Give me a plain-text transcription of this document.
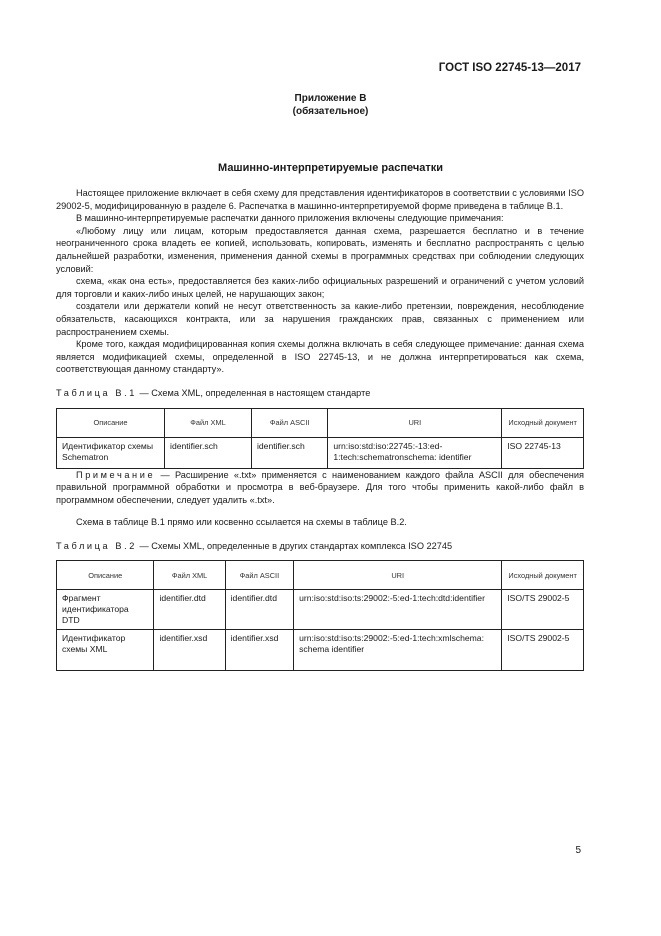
ГОСТ ISO 22745-13—2017
Приложение В
(обязательное)
Машинно-интерпретируемые распечатки

Настоящее приложение включает в себя схему для представления идентификаторов в соответствии с условиями ISO 29002-5, модифицированную в разделе 6. Распечатка в машинно-интерпретируемой форме приведена в таблице В.1.

В машинно-интерпретируемые распечатки данного приложения включены следующие примечания:

«Любому лицу или лицам, которым предоставляется данная схема, разрешается бесплатно и в течение неограниченного срока владеть ее копией, использовать, копировать, изменять и бесплатно распространять с целью дальнейшей разработки, изменения, применения данной схемы в программных средствах при соблюдении следующих условий:

схема, «как она есть», предоставляется без каких-либо официальных разрешений и ограничений с учетом условий для торговли и каких-либо иных целей, не нарушающих закон;

создатели или держатели копий не несут ответственность за какие-либо претензии, повреждения, несоблюдение обязательств, касающихся контракта, или за нарушения гражданских прав, связанных с применением или распространением схемы.

Кроме того, каждая модифицированная копия схемы должна включать в себя следующее примечание: данная схема является модификацией схемы, определенной в ISO 22745-13, и не должна интерпретироваться как схема, соответствующая данному стандарту».

Таблица В.1 — Схема XML, определенная в настоящем стандарте
Описание	Файл XML	Файл ASCII	URI	Исходный документ
Идентификатор схемы Schematron	identifier.sch	identifier.sch	urn:iso:std:iso:22745:-13:ed-1:tech:schematronschema: identifier	ISO 22745-13

Примечание — Расширение «.txt» применяется с наименованием каждого файла ASCII для обеспечения правильной программной обработки и просмотра в веб-браузере. Для того чтобы применить какой-либо файл в программном обеспечении, следует удалить «.txt».

Схема в таблице В.1 прямо или косвенно ссылается на схемы в таблице В.2.

Таблица В.2 — Схемы XML, определенные в других стандартах комплекса ISO 22745
Описание	Файл XML	Файл ASCII	URI	Исходный документ
Фрагмент идентификатора DTD	identifier.dtd	identifier.dtd	urn:iso:std:iso:ts:29002:-5:ed-1:tech:dtd:identifier	ISO/TS 29002-5
Идентификатор схемы XML	identifier.xsd	identifier.xsd	urn:iso:std:iso:ts:29002:-5:ed-1:tech:xmlschema: schema identifier	ISO/TS 29002-5
5
